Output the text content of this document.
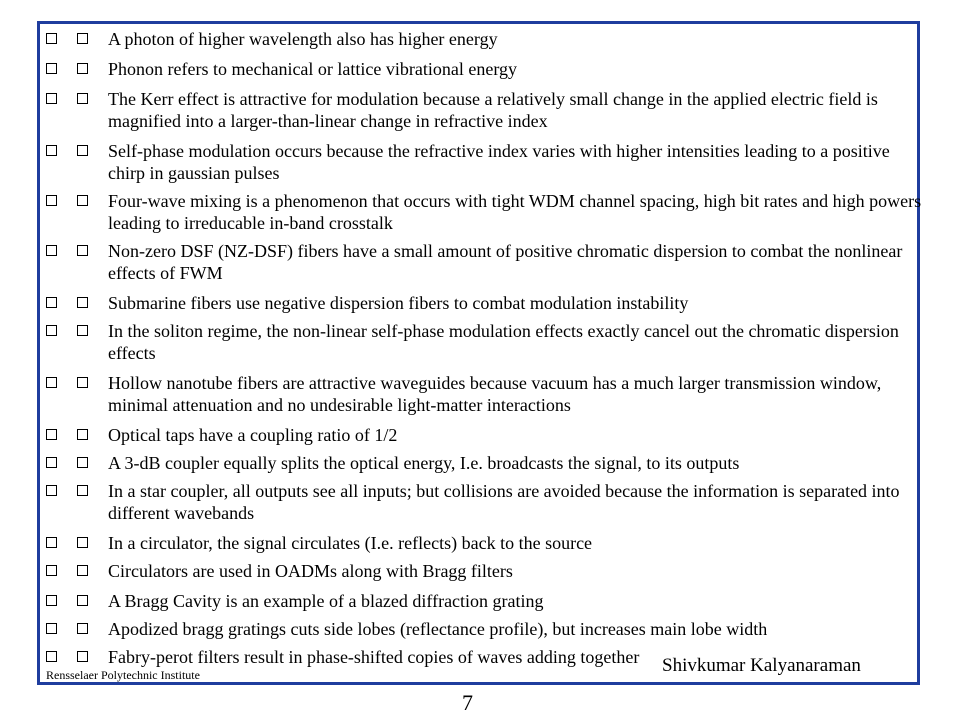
A photon of higher wavelength also has higher energy
Phonon refers to mechanical or lattice vibrational energy
The Kerr effect is attractive for modulation because a relatively small change in the applied electric field is magnified into a larger-than-linear change in refractive index
Self-phase modulation occurs because the refractive index varies with higher intensities leading to a positive chirp in gaussian pulses
Four-wave mixing is a phenomenon that occurs with tight WDM channel spacing, high bit rates and high powers leading to irreducable in-band crosstalk
Non-zero DSF (NZ-DSF) fibers have a small amount of positive chromatic dispersion to combat the nonlinear effects of FWM
Submarine fibers use negative dispersion fibers to combat modulation instability
In the soliton regime, the non-linear self-phase modulation effects exactly cancel out the chromatic dispersion effects
Hollow nanotube fibers are attractive waveguides because vacuum has a much larger transmission window, minimal attenuation and no undesirable light-matter interactions
Optical taps have a coupling ratio of 1/2
A 3-dB coupler equally splits the optical energy, I.e. broadcasts the signal, to its outputs
In a star coupler, all outputs see all inputs; but collisions are avoided because the information is separated into different wavebands
In a circulator, the signal circulates (I.e. reflects) back to the source
Circulators are used in OADMs along with Bragg filters
A Bragg Cavity is an example of a blazed diffraction grating
Apodized bragg gratings cuts side lobes (reflectance profile), but increases main lobe width
Fabry-perot filters result in phase-shifted copies of waves adding together
Rensselaer Polytechnic Institute	Shivkumar Kalyanaraman
7
